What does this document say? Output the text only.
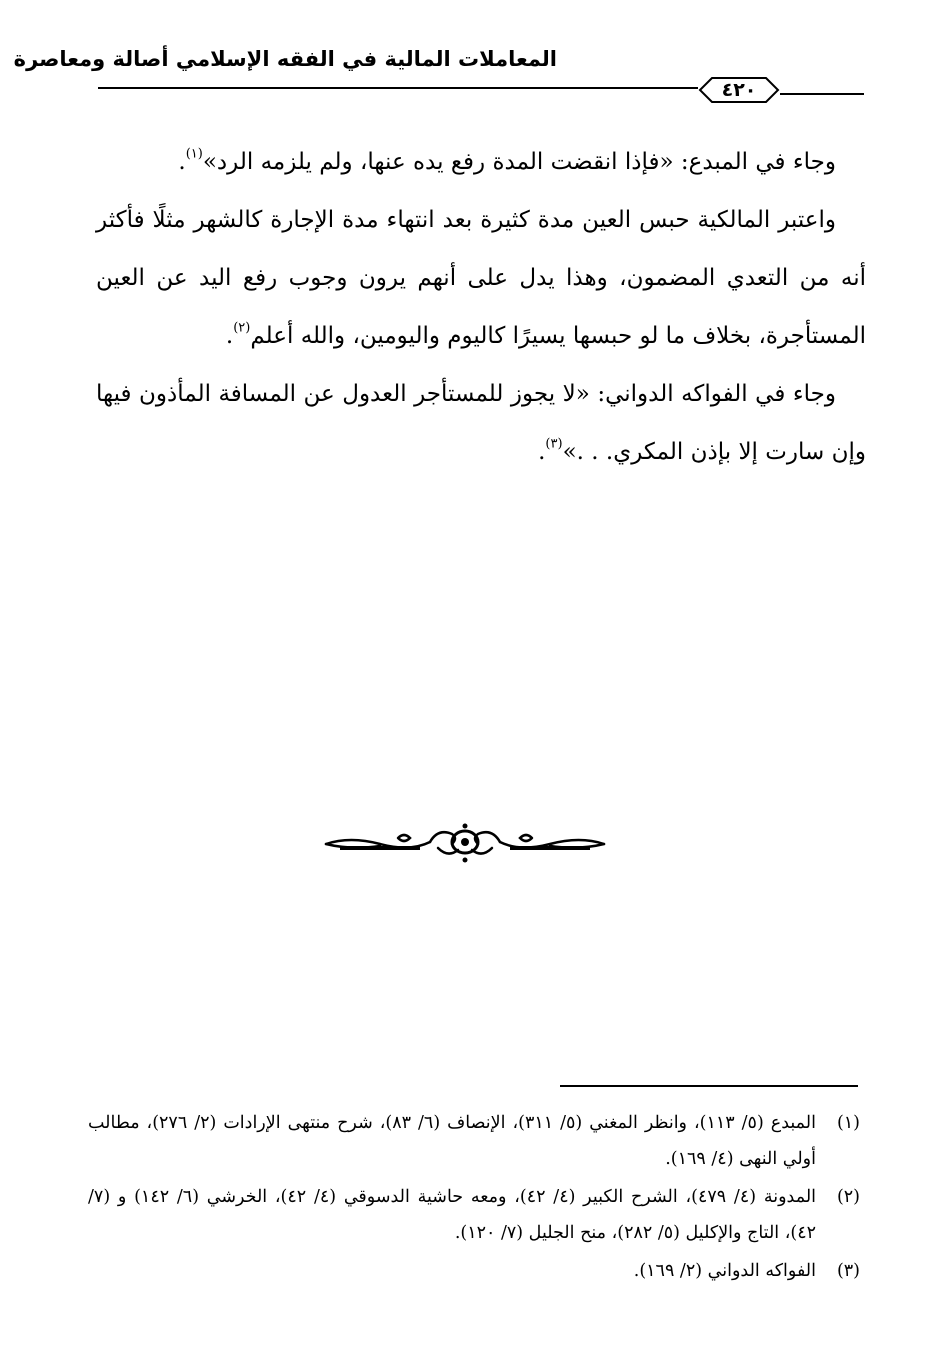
المعاملات المالية في الفقه الإسلامي أصالة ومعاصرة
٤٢٠

وجاء في المبدع: «فإذا انقضت المدة رفع يده عنها، ولم يلزمه الرد»$^{(١)}$.

واعتبر المالكية حبس العين مدة كثيرة بعد انتهاء مدة الإجارة كالشهر مثلًا فأكثر أنه من التعدي المضمون، وهذا يدل على أنهم يرون وجوب رفع اليد عن العين المستأجرة، بخلاف ما لو حبسها يسيرًا كاليوم واليومين، والله أعلم$^{(٢)}$.

وجاء في الفواكه الدواني: «لا يجوز للمستأجر العدول عن المسافة المأذون فيها وإن سارت إلا بإذن المكري. . .»$^{(٣)}$.

(١)
المبدع (٥/ ١١٣)، وانظر المغني (٥/ ٣١١)، الإنصاف (٦/ ٨٣)، شرح منتهى الإرادات (٢/ ٢٧٦)، مطالب أولي النهى (٤/ ١٦٩).

(٢)
المدونة (٤/ ٤٧٩)، الشرح الكبير (٤/ ٤٢)، ومعه حاشية الدسوقي (٤/ ٤٢)، الخرشي (٦/ ١٤٢) و (٧/ ٤٢)، التاج والإكليل (٥/ ٢٨٢)، منح الجليل (٧/ ١٢٠).

(٣)
الفواكه الدواني (٢/ ١٦٩).
